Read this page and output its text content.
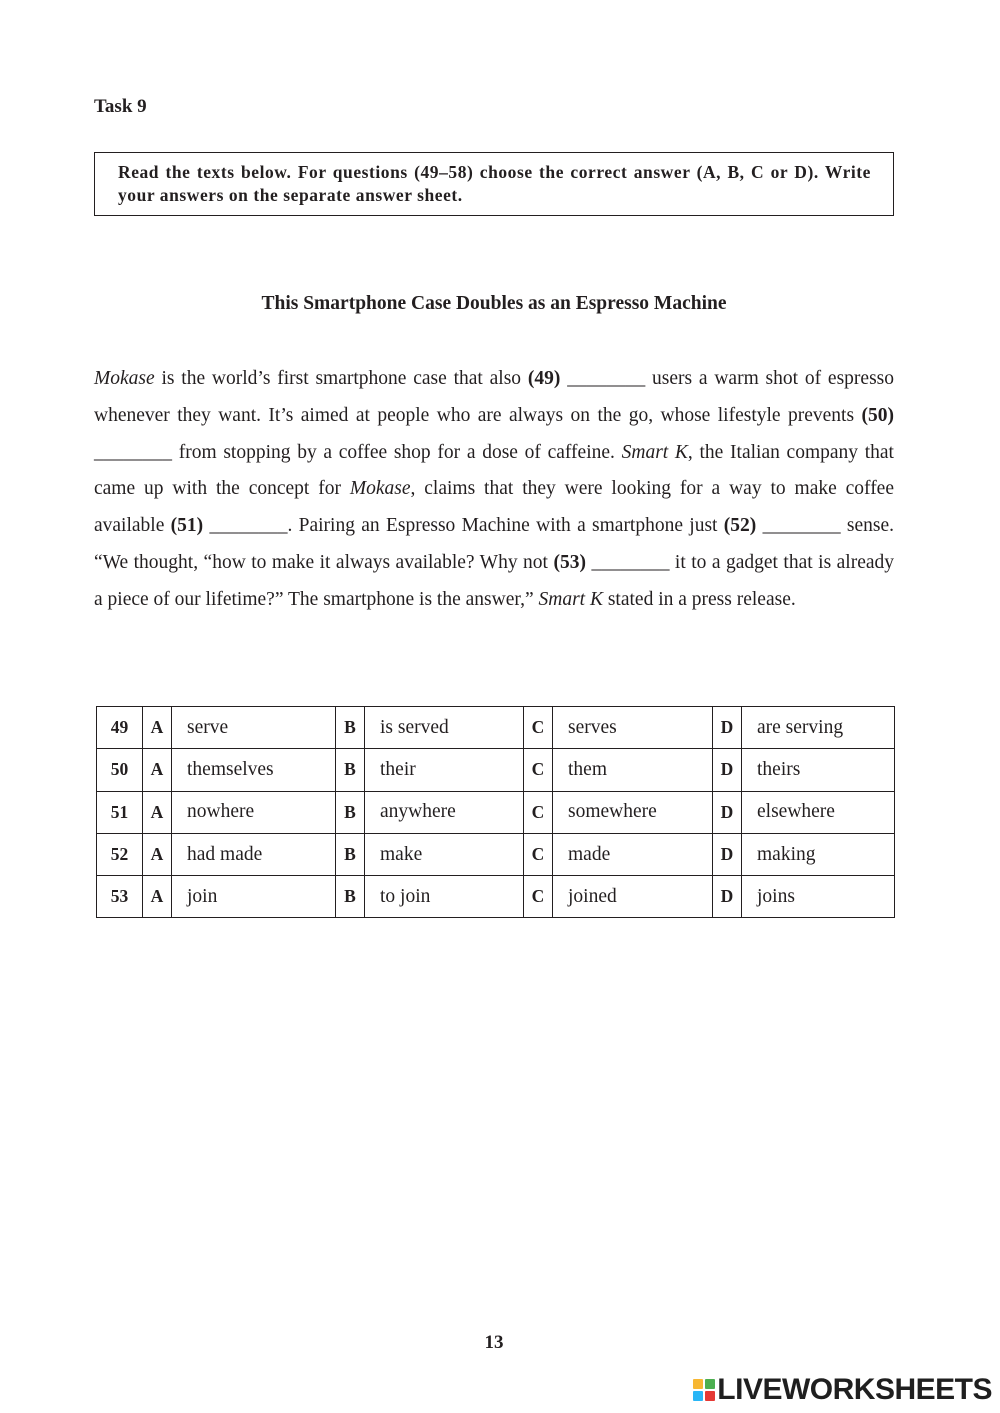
Task 9
Read the texts below. For questions (49–58) choose the correct answer (A, B, C or D). Write your answers on the separate answer sheet.
This Smartphone Case Doubles as an Espresso Machine

Mokase is the world’s first smartphone case that also (49) ________ users a warm shot of espresso whenever they want. It’s aimed at people who are always on the go, whose lifestyle prevents (50) ________ from stopping by a coffee shop for a dose of caffeine. Smart K, the Italian company that came up with the concept for Mokase, claims that they were looking for a way to make coffee available (51) ________. Pairing an Espresso Machine with a smartphone just (52) ________ sense. “We thought, “how to make it always available? Why not (53) ________ it to a gadget that is already a piece of our lifetime?” The smartphone is the answer,” Smart K stated in a press release.

49	A	serve	B	is served	C	serves	D	are serving
50	A	themselves	B	their	C	them	D	theirs
51	A	nowhere	B	anywhere	C	somewhere	D	elsewhere
52	A	had made	B	make	C	made	D	making
53	A	join	B	to join	C	joined	D	joins

13

LIVEWORKSHEETS
